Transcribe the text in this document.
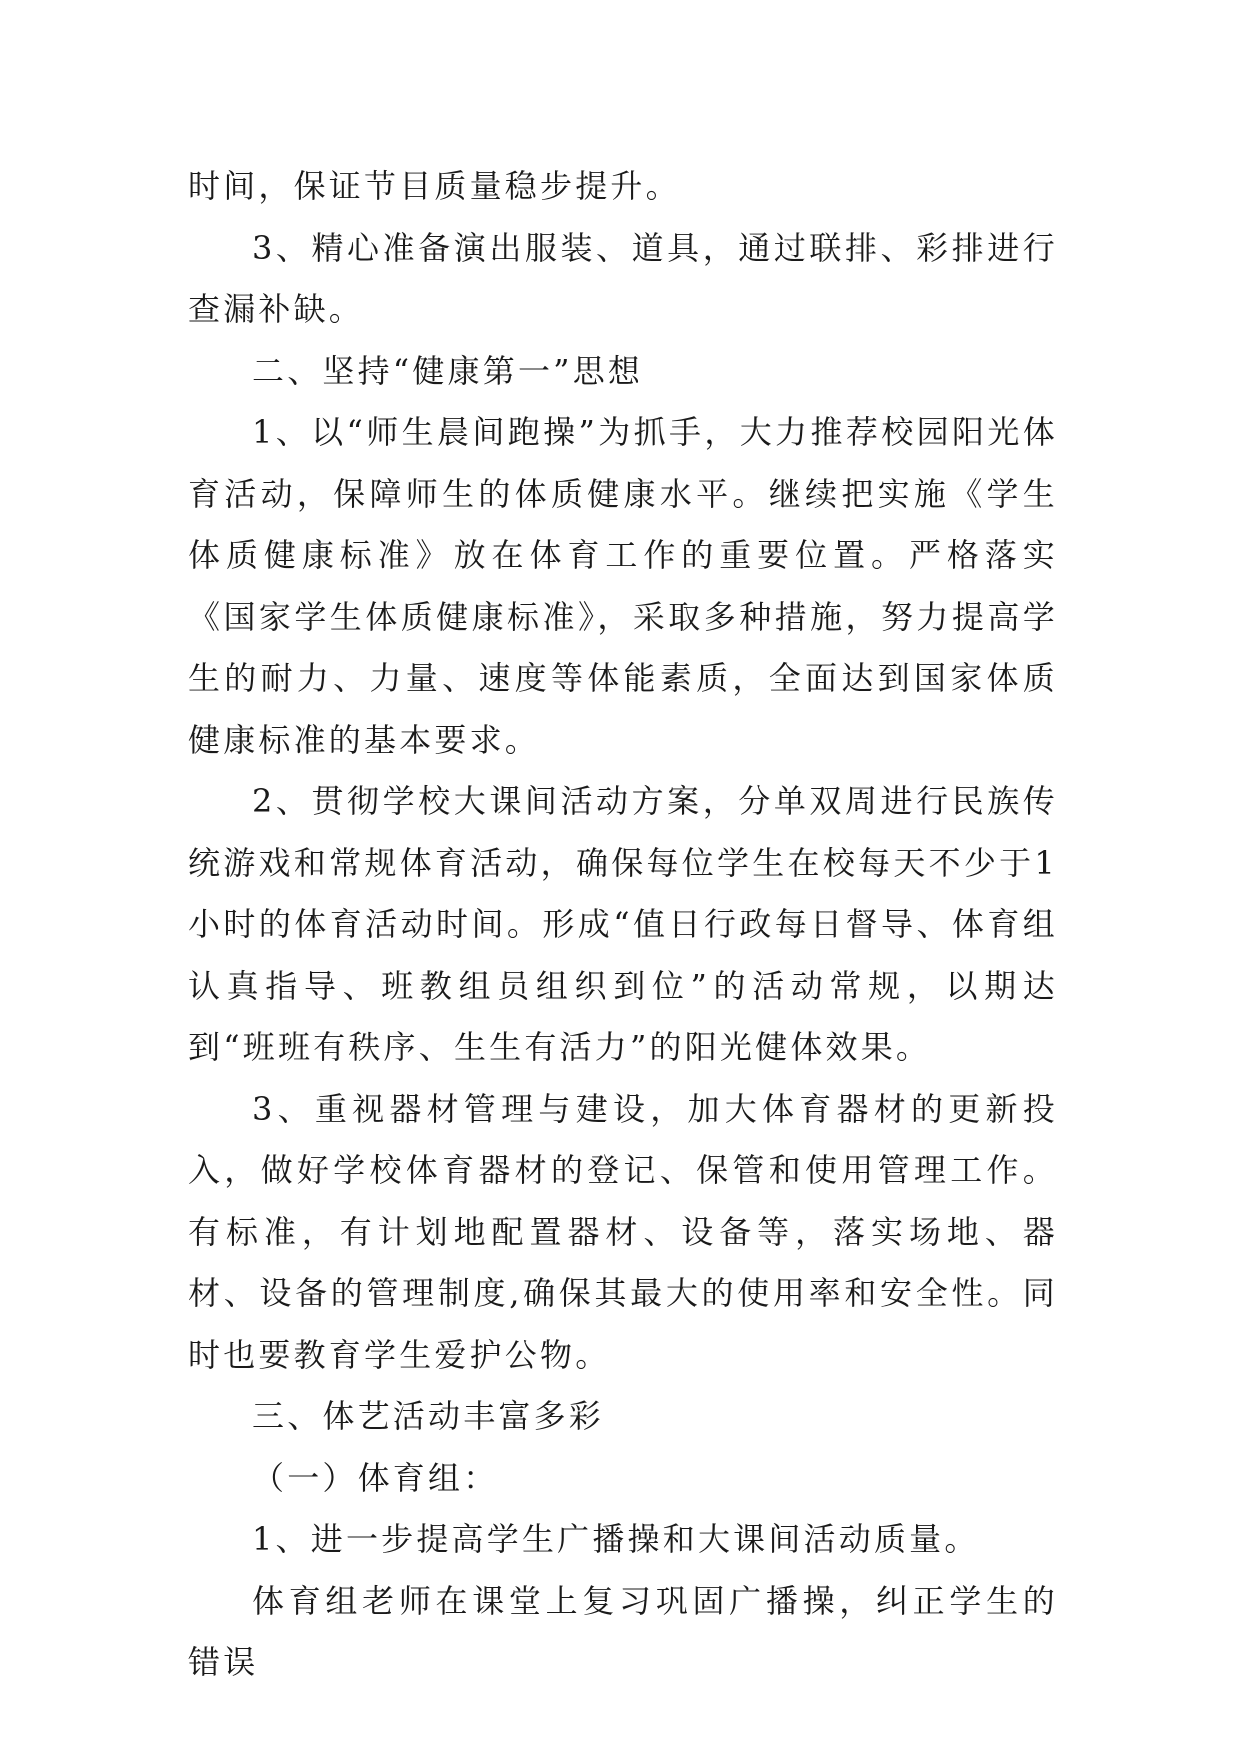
时间，保证节目质量稳步提升。

3、精心准备演出服装、道具，通过联排、彩排进行查漏补缺。

二、坚持“健康第一”思想

1、以“师生晨间跑操”为抓手，大力推荐校园阳光体育活动，保障师生的体质健康水平。继续把实施《学生体质健康标准》放在体育工作的重要位置。严格落实《国家学生体质健康标准》，采取多种措施，努力提高学生的耐力、力量、速度等体能素质，全面达到国家体质健康标准的基本要求。

2、贯彻学校大课间活动方案，分单双周进行民族传统游戏和常规体育活动，确保每位学生在校每天不少于1小时的体育活动时间。形成“值日行政每日督导、体育组认真指导、班教组员组织到位”的活动常规，以期达到“班班有秩序、生生有活力”的阳光健体效果。

3、重视器材管理与建设，加大体育器材的更新投入，做好学校体育器材的登记、保管和使用管理工作。有标准，有计划地配置器材、设备等，落实场地、器材、设备的管理制度,确保其最大的使用率和安全性。同时也要教育学生爱护公物。

三、体艺活动丰富多彩

（一）体育组：

1、进一步提高学生广播操和大课间活动质量。

体育组老师在课堂上复习巩固广播操，纠正学生的错误
